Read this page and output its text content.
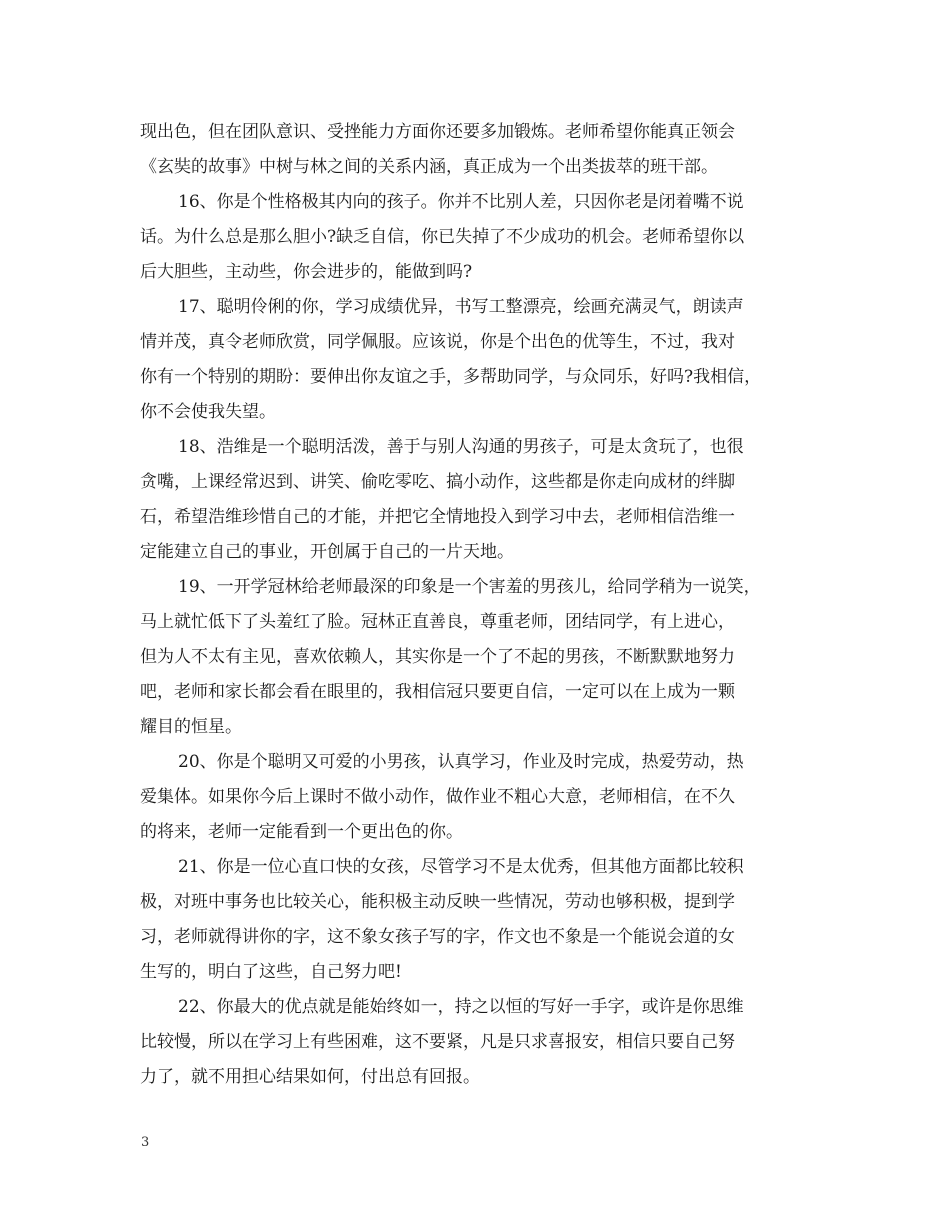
现出色，但在团队意识、受挫能力方面你还要多加锻炼。老师希望你能真正领会
《玄奘的故事》中树与林之间的关系内涵，真正成为一个出类拔萃的班干部。
16、你是个性格极其内向的孩子。你并不比别人差，只因你老是闭着嘴不说
话。为什么总是那么胆小?缺乏自信，你已失掉了不少成功的机会。老师希望你以
后大胆些，主动些，你会进步的，能做到吗?
17、聪明伶俐的你，学习成绩优异，书写工整漂亮，绘画充满灵气，朗读声
情并茂，真令老师欣赏，同学佩服。应该说，你是个出色的优等生，不过，我对
你有一个特别的期盼：要伸出你友谊之手，多帮助同学，与众同乐，好吗?我相信，
你不会使我失望。
18、浩维是一个聪明活泼，善于与别人沟通的男孩子，可是太贪玩了，也很
贪嘴，上课经常迟到、讲笑、偷吃零吃、搞小动作，这些都是你走向成材的绊脚
石，希望浩维珍惜自己的才能，并把它全情地投入到学习中去，老师相信浩维一
定能建立自己的事业，开创属于自己的一片天地。
19、一开学冠林给老师最深的印象是一个害羞的男孩儿，给同学稍为一说笑，
马上就忙低下了头羞红了脸。冠林正直善良，尊重老师，团结同学，有上进心，
但为人不太有主见，喜欢依赖人，其实你是一个了不起的男孩，不断默默地努力
吧，老师和家长都会看在眼里的，我相信冠只要更自信，一定可以在上成为一颗
耀目的恒星。
20、你是个聪明又可爱的小男孩，认真学习，作业及时完成，热爱劳动，热
爱集体。如果你今后上课时不做小动作，做作业不粗心大意，老师相信，在不久
的将来，老师一定能看到一个更出色的你。
21、你是一位心直口快的女孩，尽管学习不是太优秀，但其他方面都比较积
极，对班中事务也比较关心，能积极主动反映一些情况，劳动也够积极，提到学
习，老师就得讲你的字，这不象女孩子写的字，作文也不象是一个能说会道的女
生写的，明白了这些，自己努力吧!
22、你最大的优点就是能始终如一，持之以恒的写好一手字，或许是你思维
比较慢，所以在学习上有些困难，这不要紧，凡是只求喜报安，相信只要自己努
力了，就不用担心结果如何，付出总有回报。
3
